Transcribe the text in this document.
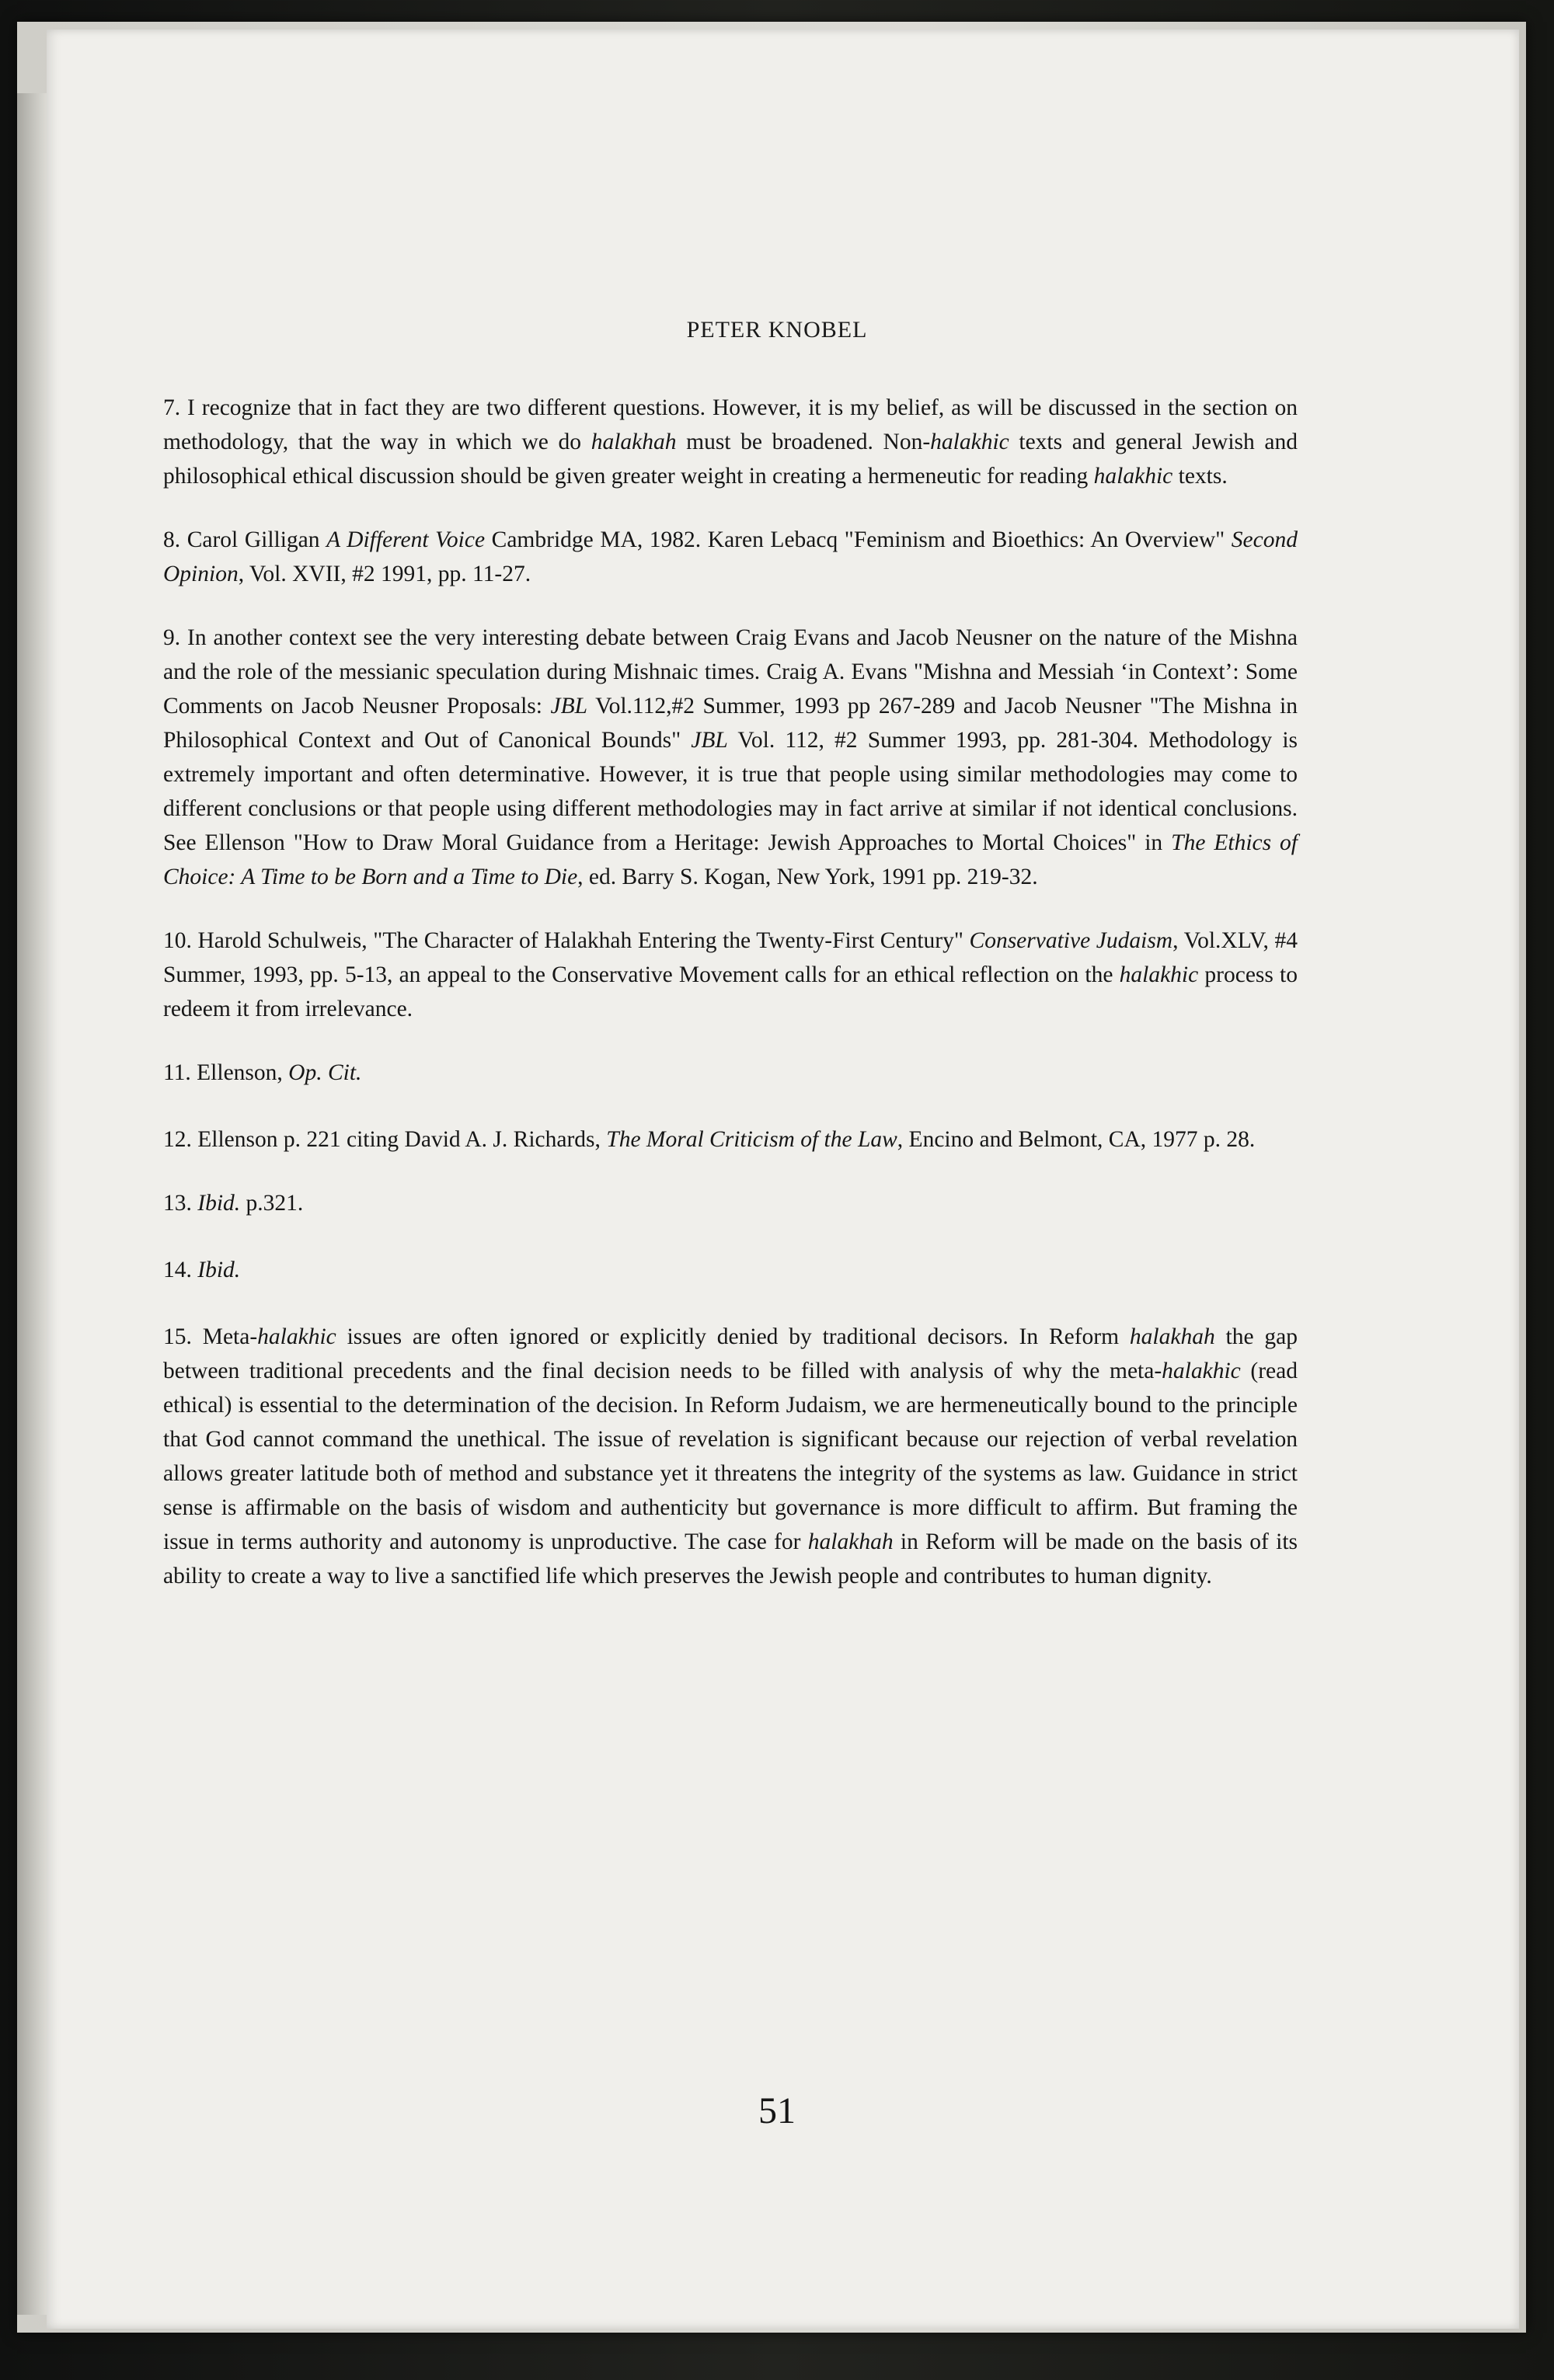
PETER KNOBEL

7. I recognize that in fact they are two different questions. However, it is my belief, as will be discussed in the section on methodology, that the way in which we do halakhah must be broadened. Non-halakhic texts and general Jewish and philosophical ethical discussion should be given greater weight in creating a hermeneutic for reading halakhic texts.

8. Carol Gilligan A Different Voice Cambridge MA, 1982. Karen Lebacq "Feminism and Bioethics: An Overview" Second Opinion, Vol. XVII, #2 1991, pp. 11-27.

9. In another context see the very interesting debate between Craig Evans and Jacob Neusner on the nature of the Mishna and the role of the messianic speculation during Mishnaic times. Craig A. Evans "Mishna and Messiah ‘in Context’: Some Comments on Jacob Neusner Proposals: JBL Vol.112,#2 Summer, 1993 pp 267-289 and Jacob Neusner "The Mishna in Philosophical Context and Out of Canonical Bounds" JBL Vol. 112, #2 Summer 1993, pp. 281-304. Methodology is extremely important and often determinative. However, it is true that people using similar methodologies may come to different conclusions or that people using different methodologies may in fact arrive at similar if not identical conclusions. See Ellenson "How to Draw Moral Guidance from a Heritage: Jewish Approaches to Mortal Choices" in The Ethics of Choice: A Time to be Born and a Time to Die, ed. Barry S. Kogan, New York, 1991 pp. 219-32.

10. Harold Schulweis, "The Character of Halakhah Entering the Twenty-First Century" Conservative Judaism, Vol.XLV, #4 Summer, 1993, pp. 5-13, an appeal to the Conservative Movement calls for an ethical reflection on the halakhic process to redeem it from irrelevance.

11. Ellenson, Op. Cit.

12. Ellenson p. 221 citing David A. J. Richards, The Moral Criticism of the Law, Encino and Belmont, CA, 1977 p. 28.

13. Ibid. p.321.

14. Ibid.

15. Meta-halakhic issues are often ignored or explicitly denied by traditional decisors. In Reform halakhah the gap between traditional precedents and the final decision needs to be filled with analysis of why the meta-halakhic (read ethical) is essential to the determination of the decision. In Reform Judaism, we are hermeneutically bound to the principle that God cannot command the unethical. The issue of revelation is significant because our rejection of verbal revelation allows greater latitude both of method and substance yet it threatens the integrity of the systems as law. Guidance in strict sense is affirmable on the basis of wisdom and authenticity but governance is more difficult to affirm. But framing the issue in terms authority and autonomy is unproductive. The case for halakhah in Reform will be made on the basis of its ability to create a way to live a sanctified life which preserves the Jewish people and contributes to human dignity.

51
